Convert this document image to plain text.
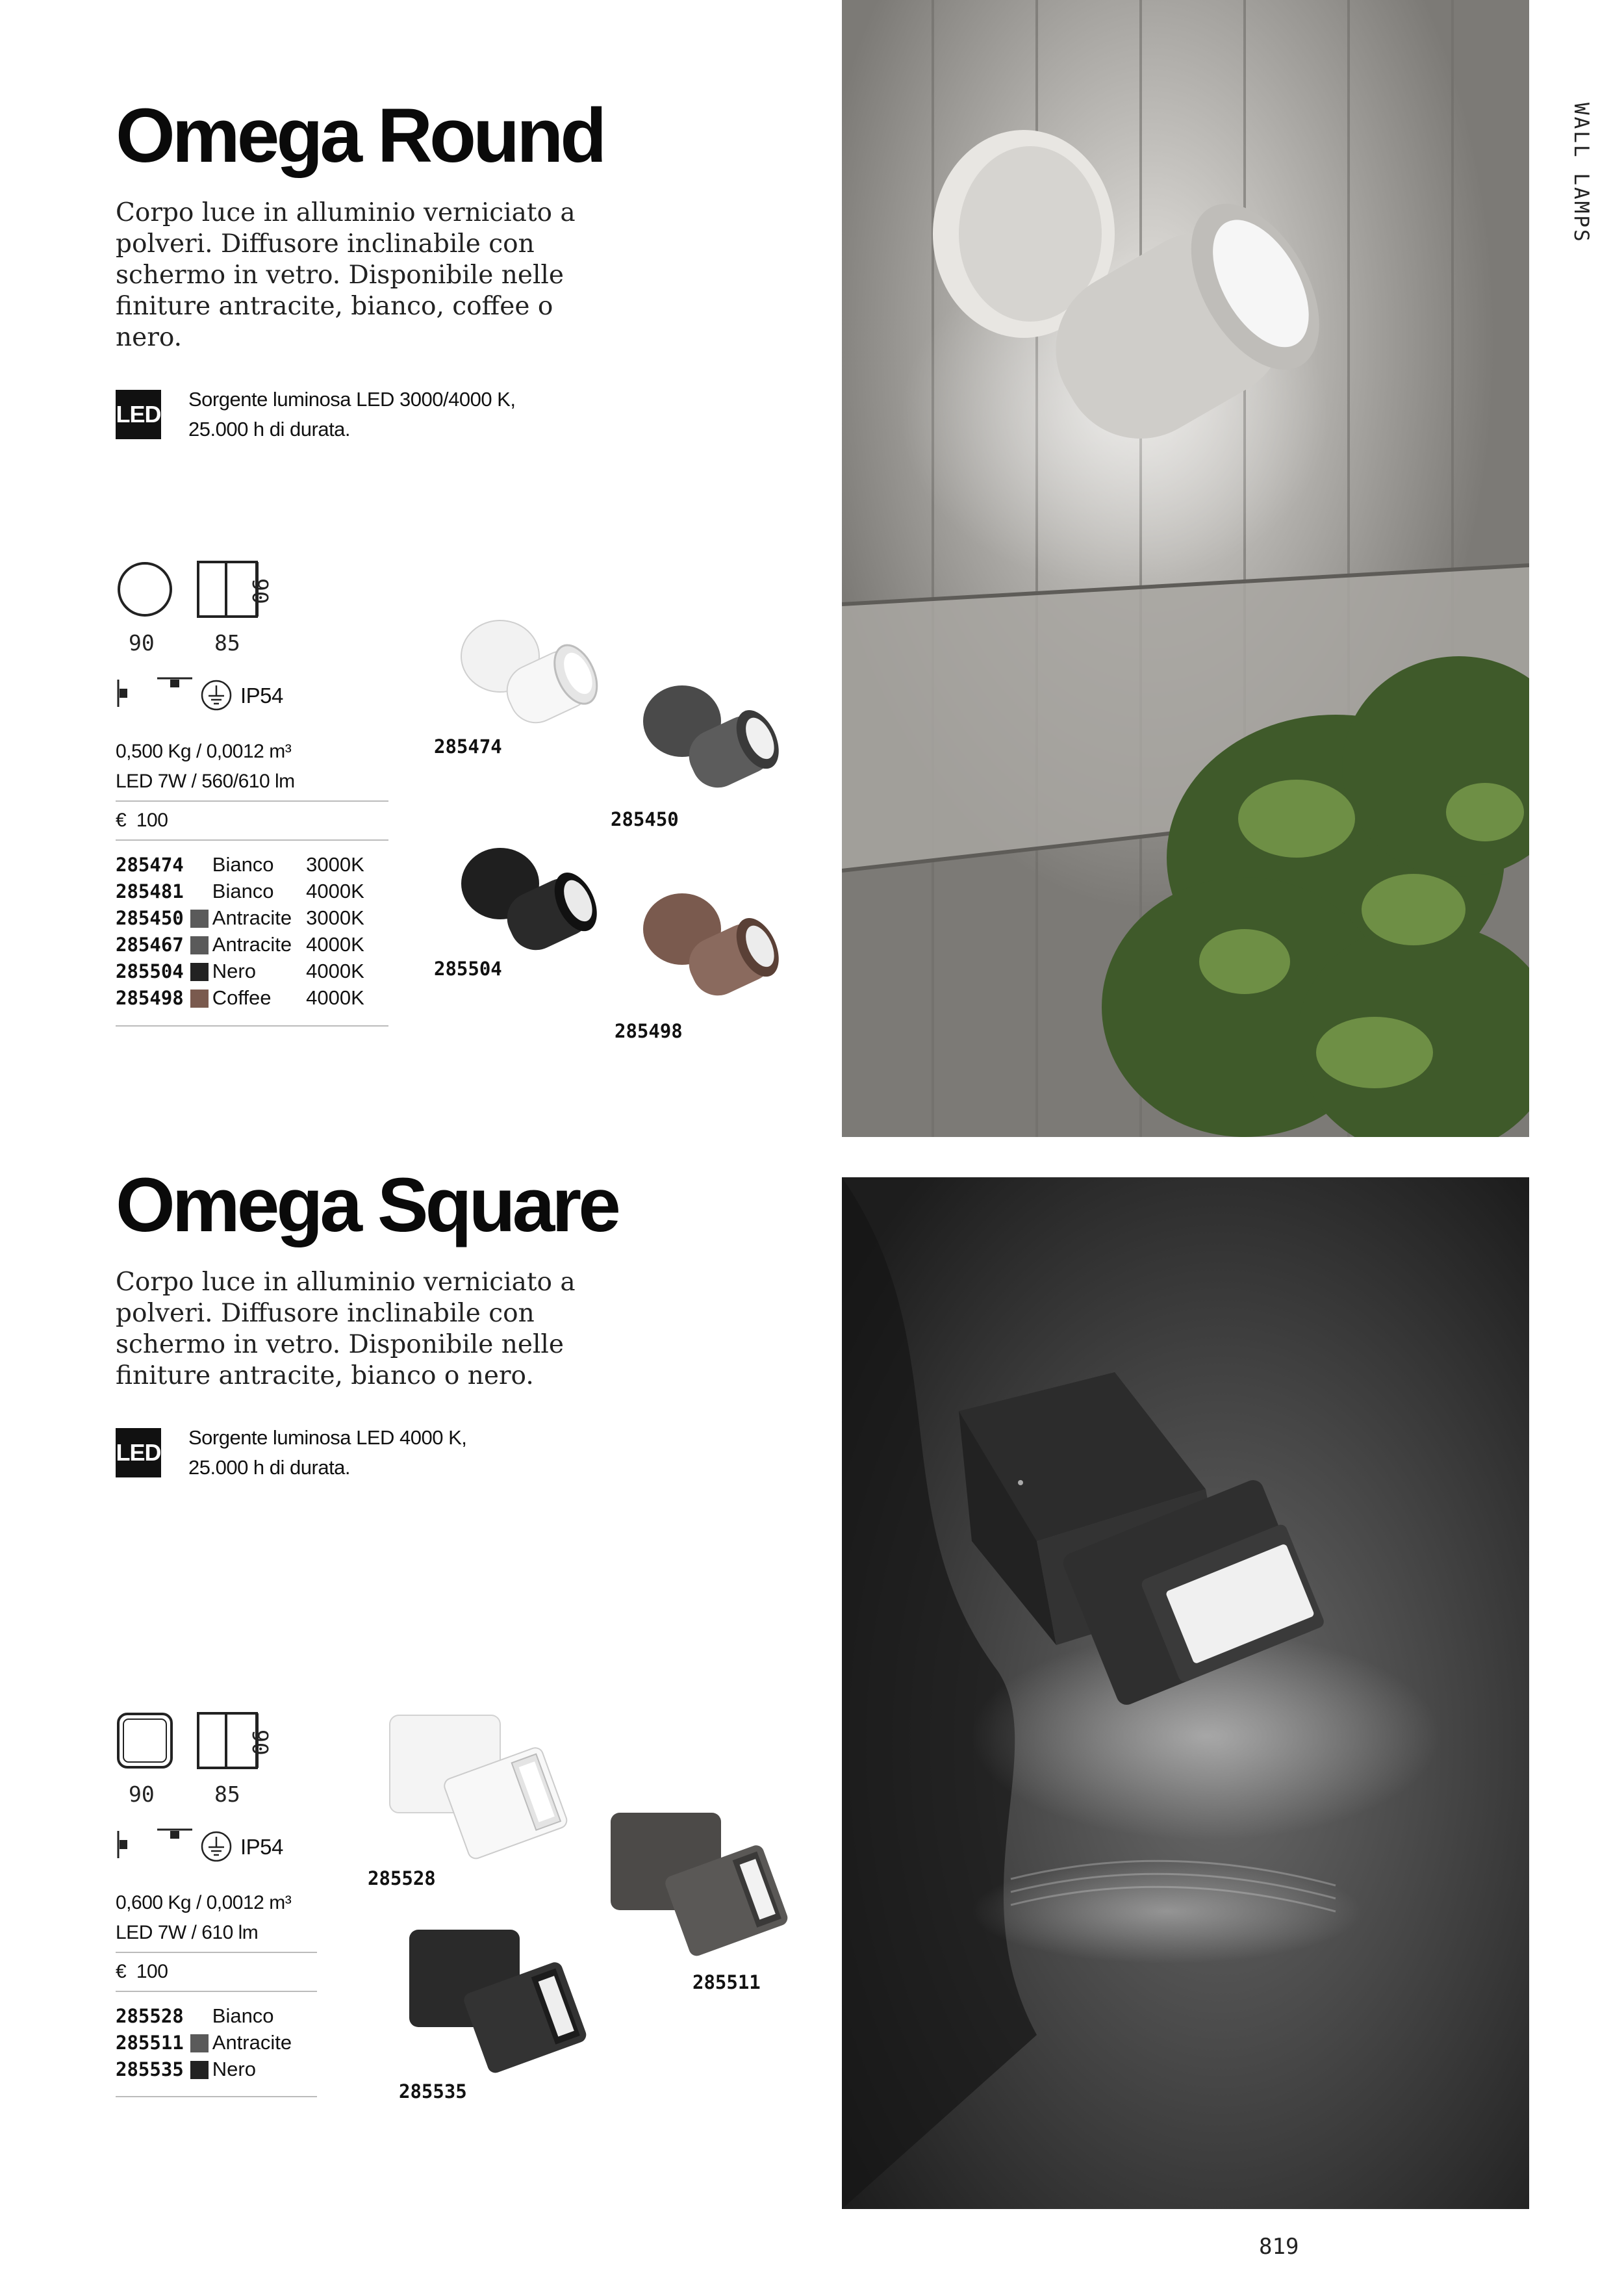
WALL LAMPS
Omega Round
Corpo luce in alluminio verniciato a polveri. Diffusore inclinabile con schermo in vetro. Disponibile nelle finiture antracite, bianco, coffee o nero.
LED
Sorgente luminosa LED 3000/4000 K, 25.000 h di durata.
90	85
90
IP54
0,500 Kg / 0,0012 m³
LED 7W / 560/610 lm
€ 100
285474		Bianco	3000K
285481		Bianco	4000K
285450		Antracite	3000K
285467		Antracite	4000K
285504		Nero	4000K
285498		Coffee	4000K
285474
285450
285504
285498
Omega Square
Corpo luce in alluminio verniciato a polveri. Diffusore inclinabile con schermo in vetro. Disponibile nelle finiture antracite, bianco o nero.
LED
Sorgente luminosa LED 4000 K, 25.000 h di durata.
90	85
90
IP54
0,600 Kg / 0,0012 m³
LED 7W / 610 lm
€ 100
285528		Bianco
285511		Antracite
285535		Nero
285528
285511
285535
819
